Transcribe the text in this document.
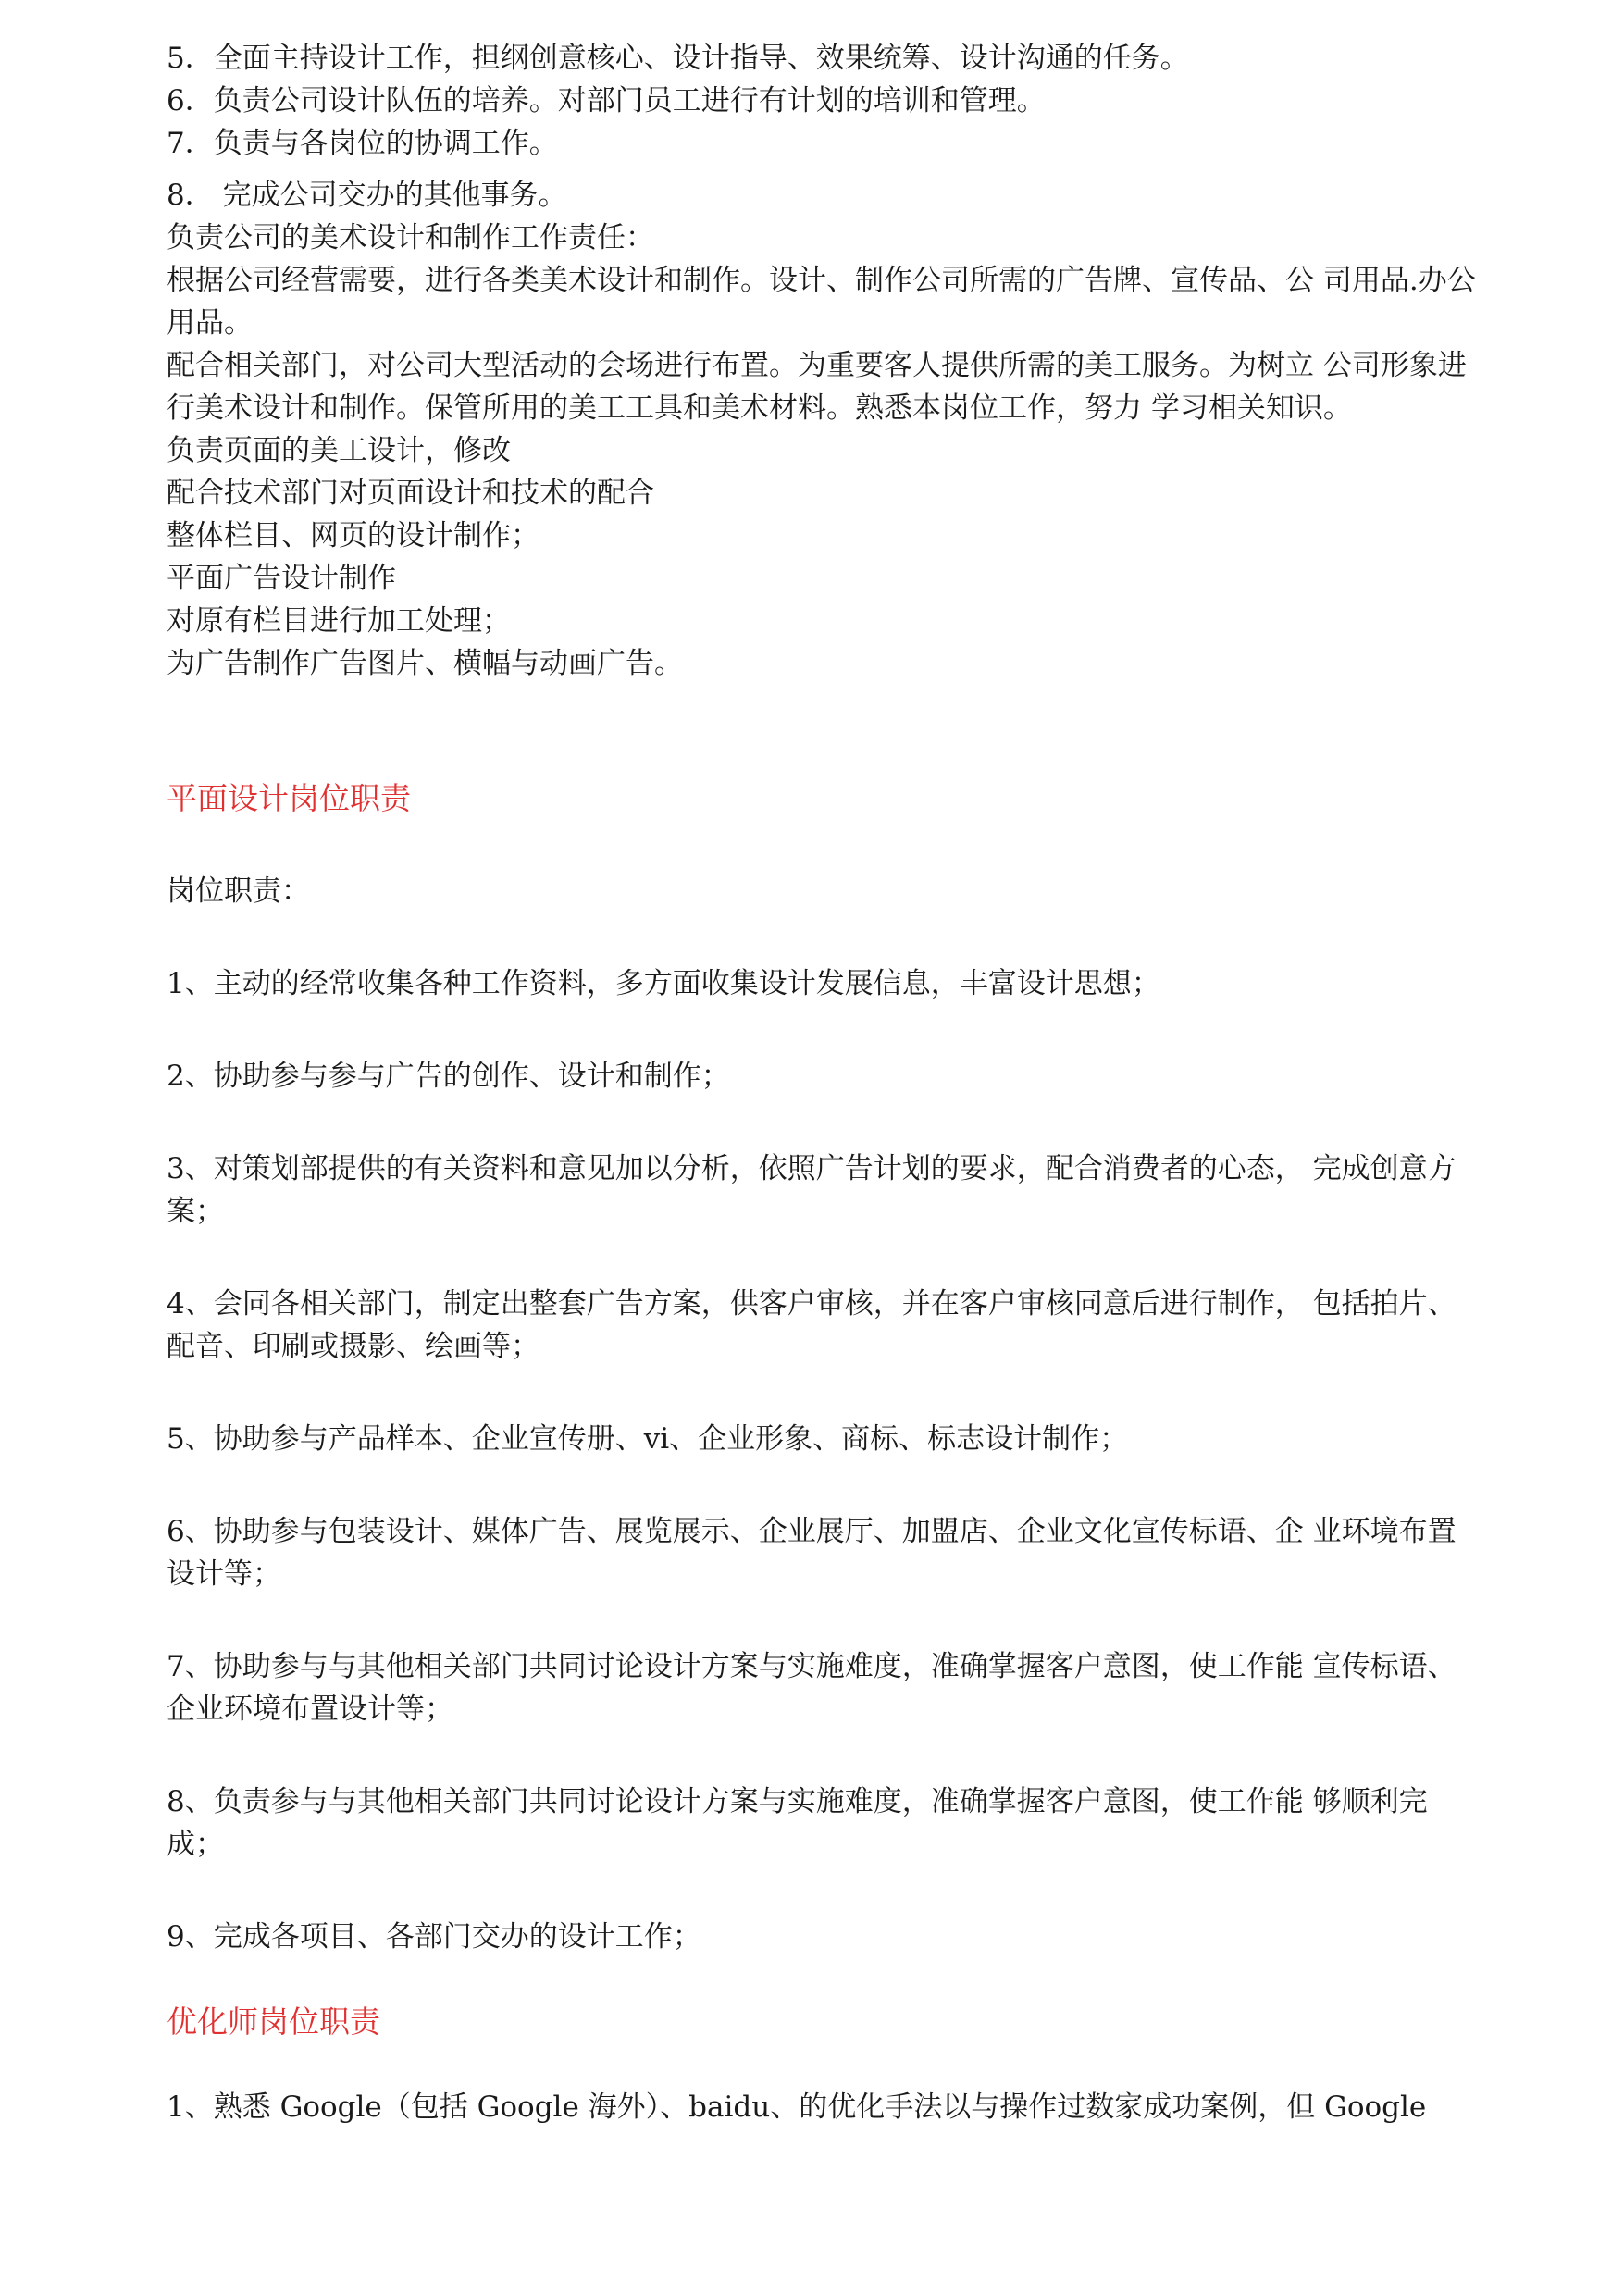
5．全面主持设计工作，担纲创意核心、设计指导、效果统筹、设计沟通的任务。

6．负责公司设计队伍的培养。对部门员工进行有计划的培训和管理。

7．负责与各岗位的协调工作。

8． 完成公司交办的其他事务。

负责公司的美术设计和制作工作责任：

根据公司经营需要，进行各类美术设计和制作。设计、制作公司所需的广告牌、宣传品、公 司用品.办公用品。

配合相关部门，对公司大型活动的会场进行布置。为重要客人提供所需的美工服务。为树立 公司形象进行美术设计和制作。保管所用的美工工具和美术材料。熟悉本岗位工作，努力 学习相关知识。

负责页面的美工设计，修改

配合技术部门对页面设计和技术的配合

整体栏目、网页的设计制作；

平面广告设计制作

对原有栏目进行加工处理；

为广告制作广告图片、横幅与动画广告。

平面设计岗位职责

岗位职责：

1、主动的经常收集各种工作资料，多方面收集设计发展信息，丰富设计思想；

2、协助参与参与广告的创作、设计和制作；

3、对策划部提供的有关资料和意见加以分析，依照广告计划的要求，配合消费者的心态， 完成创意方案；

4、会同各相关部门，制定出整套广告方案，供客户审核，并在客户审核同意后进行制作， 包括拍片、配音、印刷或摄影、绘画等；

5、协助参与产品样本、企业宣传册、vi、企业形象、商标、标志设计制作；

6、协助参与包装设计、媒体广告、展览展示、企业展厅、加盟店、企业文化宣传标语、企 业环境布置设计等；

7、协助参与与其他相关部门共同讨论设计方案与实施难度，准确掌握客户意图，使工作能 宣传标语、企业环境布置设计等；

8、负责参与与其他相关部门共同讨论设计方案与实施难度，准确掌握客户意图，使工作能 够顺利完成；

9、完成各项目、各部门交办的设计工作；

优化师岗位职责

1、熟悉 Google（包括 Google 海外）、baidu、的优化手法以与操作过数家成功案例，但 Google
